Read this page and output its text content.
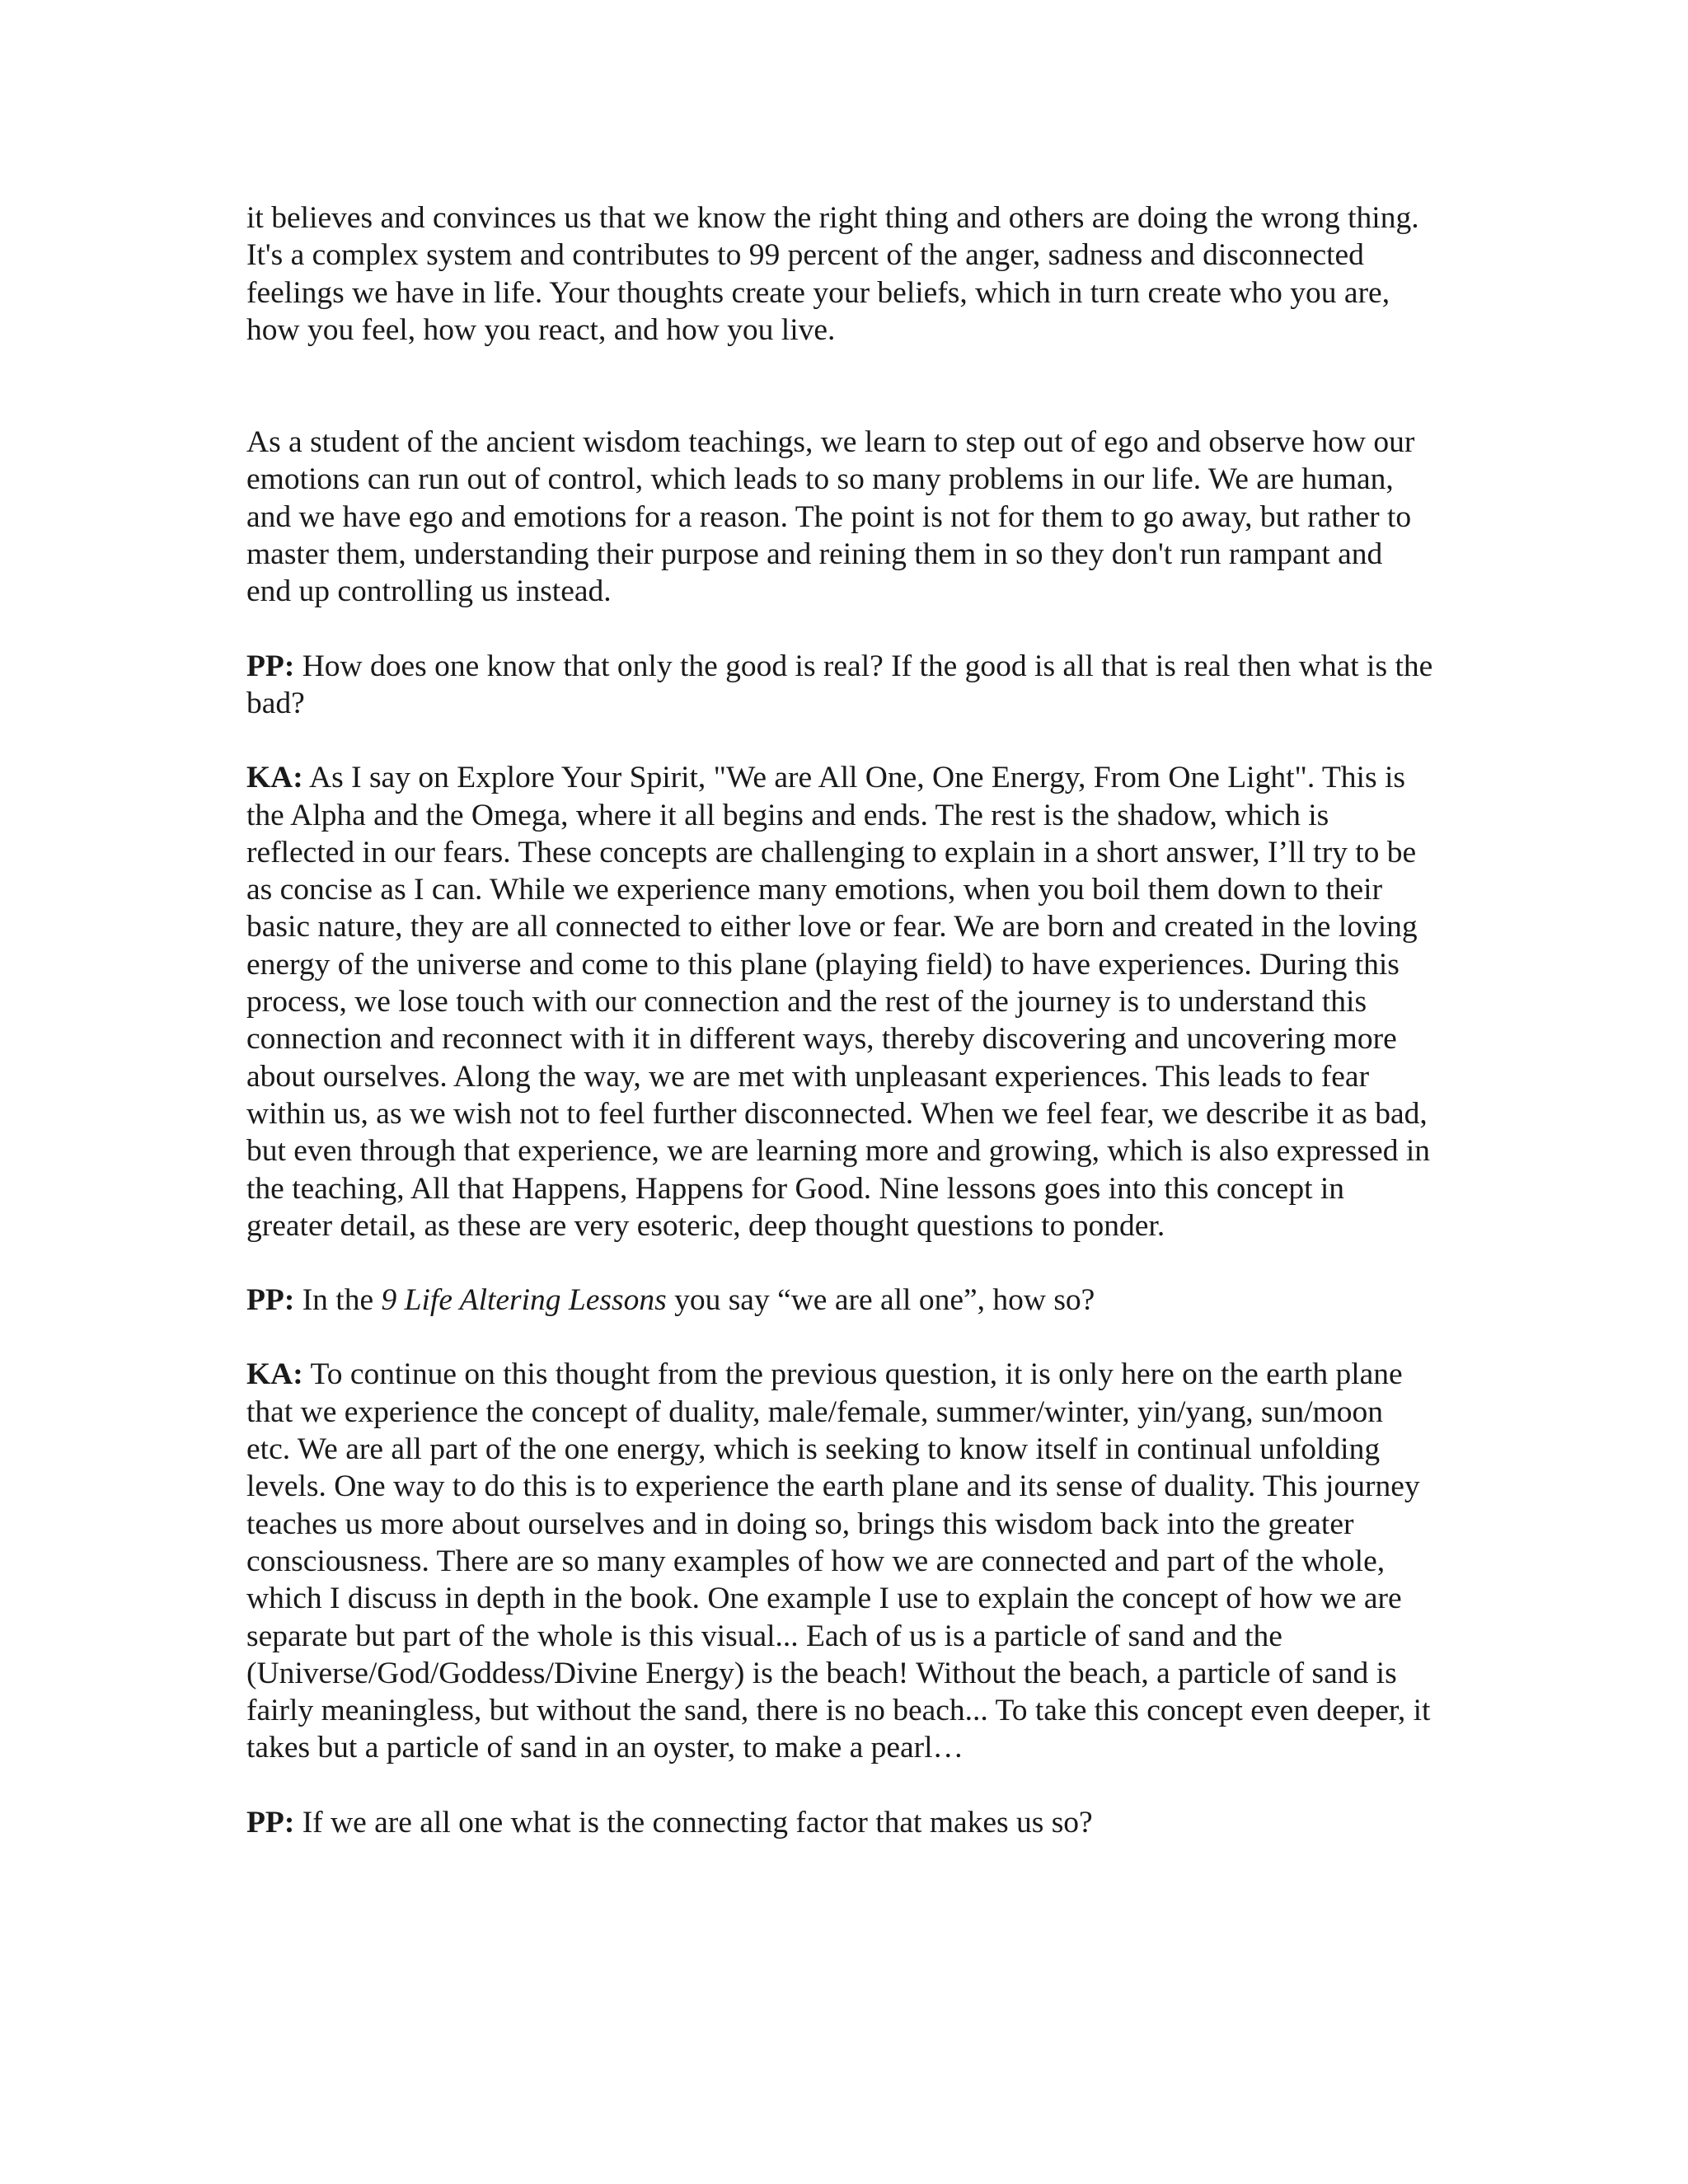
it believes and convinces us that we know the right thing and others are doing the wrong thing. It's a complex system and contributes to 99 percent of the anger, sadness and disconnected feelings we have in life. Your thoughts create your beliefs, which in turn create who you are, how you feel, how you react, and how you live.

As a student of the ancient wisdom teachings, we learn to step out of ego and observe how our emotions can run out of control, which leads to so many problems in our life. We are human, and we have ego and emotions for a reason. The point is not for them to go away, but rather to master them, understanding their purpose and reining them in so they don't run rampant and end up controlling us instead.

PP: How does one know that only the good is real? If the good is all that is real then what is the bad?

KA: As I say on Explore Your Spirit, "We are All One, One Energy, From One Light". This is the Alpha and the Omega, where it all begins and ends. The rest is the shadow, which is reflected in our fears. These concepts are challenging to explain in a short answer, I’ll try to be as concise as I can. While we experience many emotions, when you boil them down to their basic nature, they are all connected to either love or fear. We are born and created in the loving energy of the universe and come to this plane (playing field) to have experiences. During this process, we lose touch with our connection and the rest of the journey is to understand this connection and reconnect with it in different ways, thereby discovering and uncovering more about ourselves. Along the way, we are met with unpleasant experiences. This leads to fear within us, as we wish not to feel further disconnected. When we feel fear, we describe it as bad, but even through that experience, we are learning more and growing, which is also expressed in the teaching, All that Happens, Happens for Good. Nine lessons goes into this concept in greater detail, as these are very esoteric, deep thought questions to ponder.

PP: In the 9 Life Altering Lessons you say “we are all one”, how so?

KA: To continue on this thought from the previous question, it is only here on the earth plane that we experience the concept of duality, male/female, summer/winter, yin/yang, sun/moon etc. We are all part of the one energy, which is seeking to know itself in continual unfolding levels. One way to do this is to experience the earth plane and its sense of duality. This journey teaches us more about ourselves and in doing so, brings this wisdom back into the greater consciousness. There are so many examples of how we are connected and part of the whole, which I discuss in depth in the book. One example I use to explain the concept of how we are separate but part of the whole is this visual... Each of us is a particle of sand and the (Universe/God/Goddess/Divine Energy) is the beach! Without the beach, a particle of sand is fairly meaningless, but without the sand, there is no beach... To take this concept even deeper, it takes but a particle of sand in an oyster, to make a pearl…

PP: If we are all one what is the connecting factor that makes us so?
